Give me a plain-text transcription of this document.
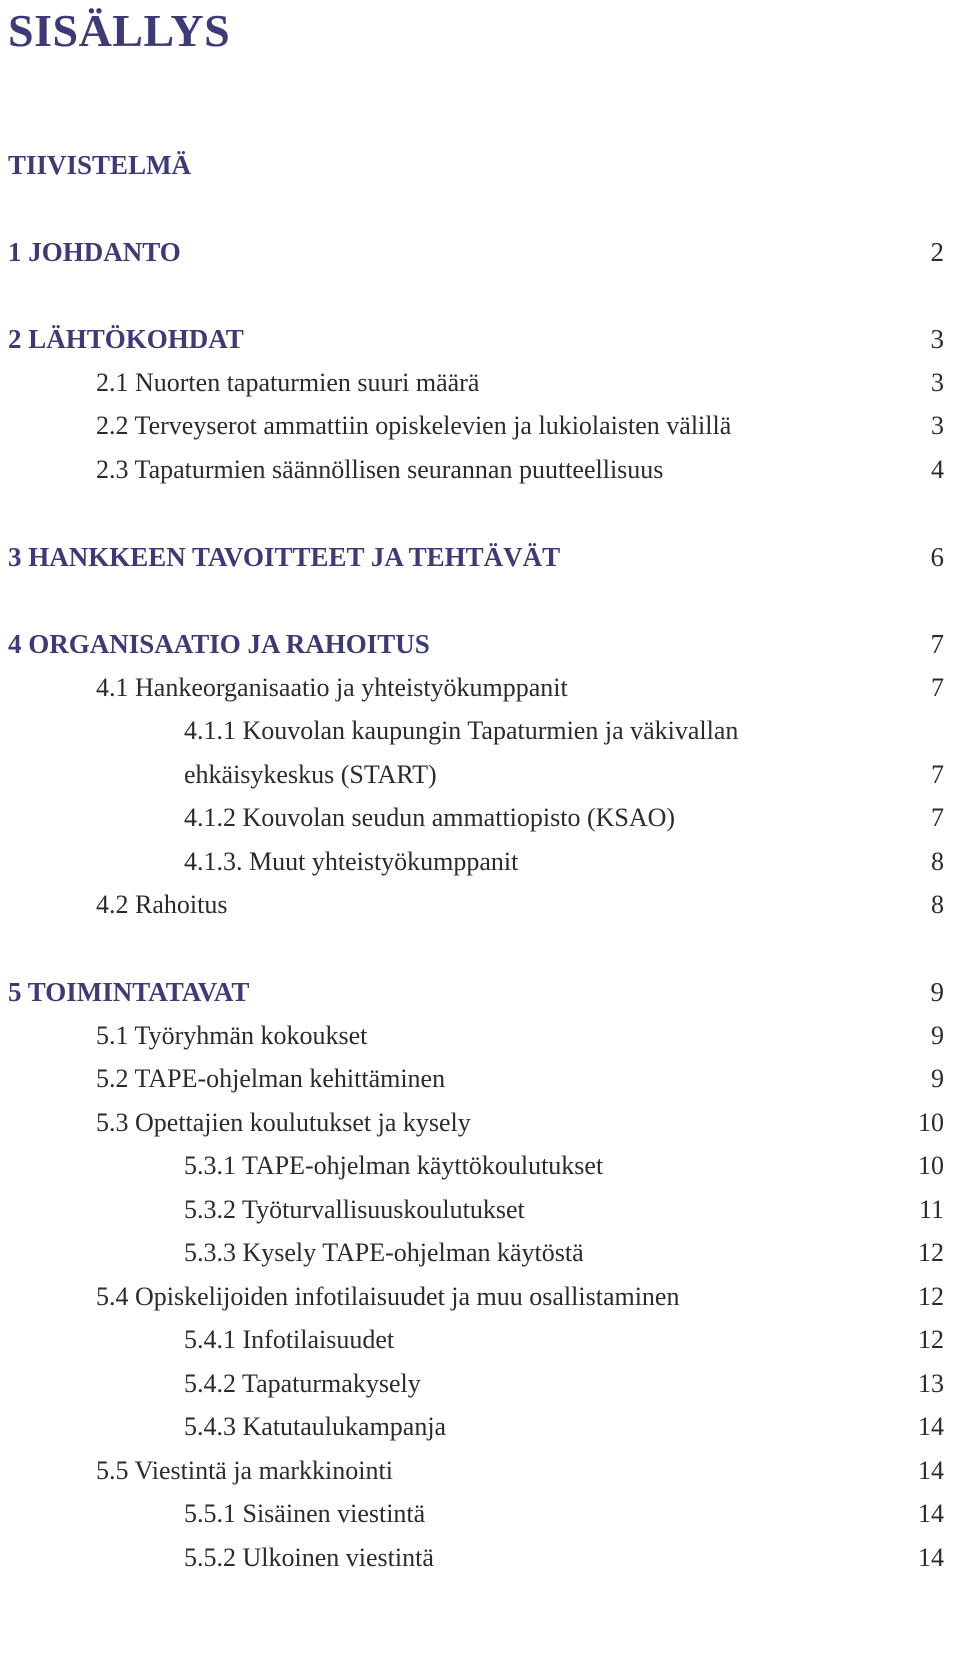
SISÄLLYS
TIIVISTELMÄ
1 JOHDANTO	2
2 LÄHTÖKOHDAT	3
2.1 Nuorten tapaturmien suuri määrä	3
2.2 Terveyserot ammattiin opiskelevien ja lukiolaisten välillä	3
2.3 Tapaturmien säännöllisen seurannan puutteellisuus	4
3 HANKKEEN TAVOITTEET JA TEHTÄVÄT	6
4 ORGANISAATIO JA RAHOITUS	7
4.1 Hankeorganisaatio ja yhteistyökumppanit	7
4.1.1 Kouvolan kaupungin Tapaturmien ja väkivallan
ehkäisykeskus (START)	7
4.1.2 Kouvolan seudun ammattiopisto (KSAO)	7
4.1.3. Muut yhteistyökumppanit	8
4.2 Rahoitus	8
5 TOIMINTATAVAT	9
5.1 Työryhmän kokoukset	9
5.2 TAPE-ohjelman kehittäminen	9
5.3 Opettajien koulutukset ja kysely	10
5.3.1 TAPE-ohjelman käyttökoulutukset	10
5.3.2 Työturvallisuuskoulutukset	11
5.3.3 Kysely TAPE-ohjelman käytöstä	12
5.4 Opiskelijoiden infotilaisuudet ja muu osallistaminen	12
5.4.1 Infotilaisuudet	12
5.4.2 Tapaturmakysely	13
5.4.3 Katutaulukampanja	14
5.5 Viestintä ja markkinointi	14
5.5.1 Sisäinen viestintä	14
5.5.2 Ulkoinen viestintä	14
